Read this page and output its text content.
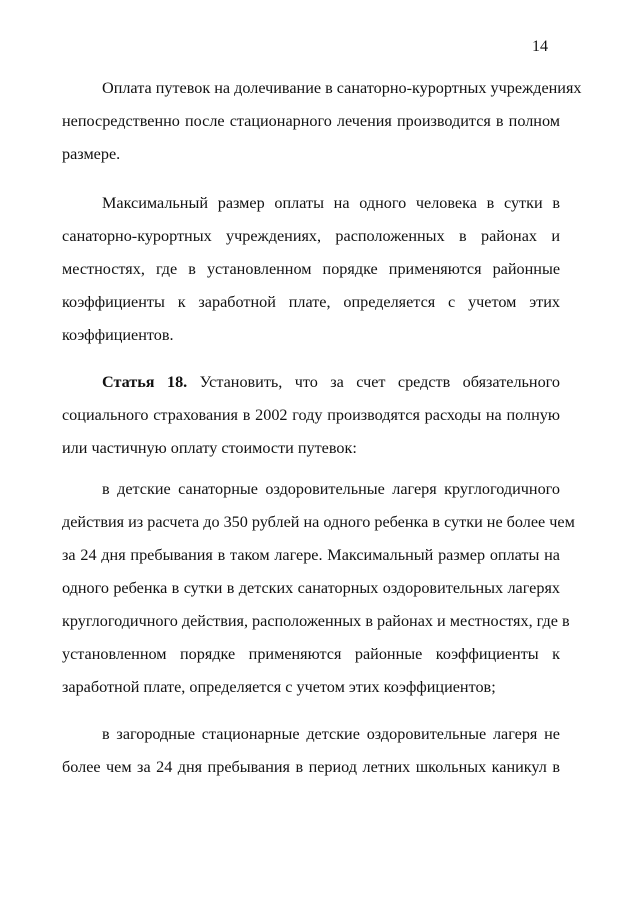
14
Оплата путевок на долечивание в санаторно-курортных учреждениях
непосредственно после стационарного лечения производится в полном
размере.
Максимальный размер оплаты на одного человека в сутки в
санаторно-курортных учреждениях, расположенных в районах и
местностях, где в установленном порядке применяются районные
коэффициенты к заработной плате, определяется с учетом этих
коэффициентов.
Статья 18. Установить, что за счет средств обязательного
социального страхования в 2002 году производятся расходы на полную
или частичную оплату стоимости путевок:
в детские санаторные оздоровительные лагеря круглогодичного
действия из расчета до 350 рублей на одного ребенка в сутки не более чем
за 24 дня пребывания в таком лагере. Максимальный размер оплаты на
одного ребенка в сутки в детских санаторных оздоровительных лагерях
круглогодичного действия, расположенных в районах и местностях, где в
установленном порядке применяются районные коэффициенты к
заработной плате, определяется с учетом этих коэффициентов;
в загородные стационарные детские оздоровительные лагеря не
более чем за 24 дня пребывания в период летних школьных каникул в
